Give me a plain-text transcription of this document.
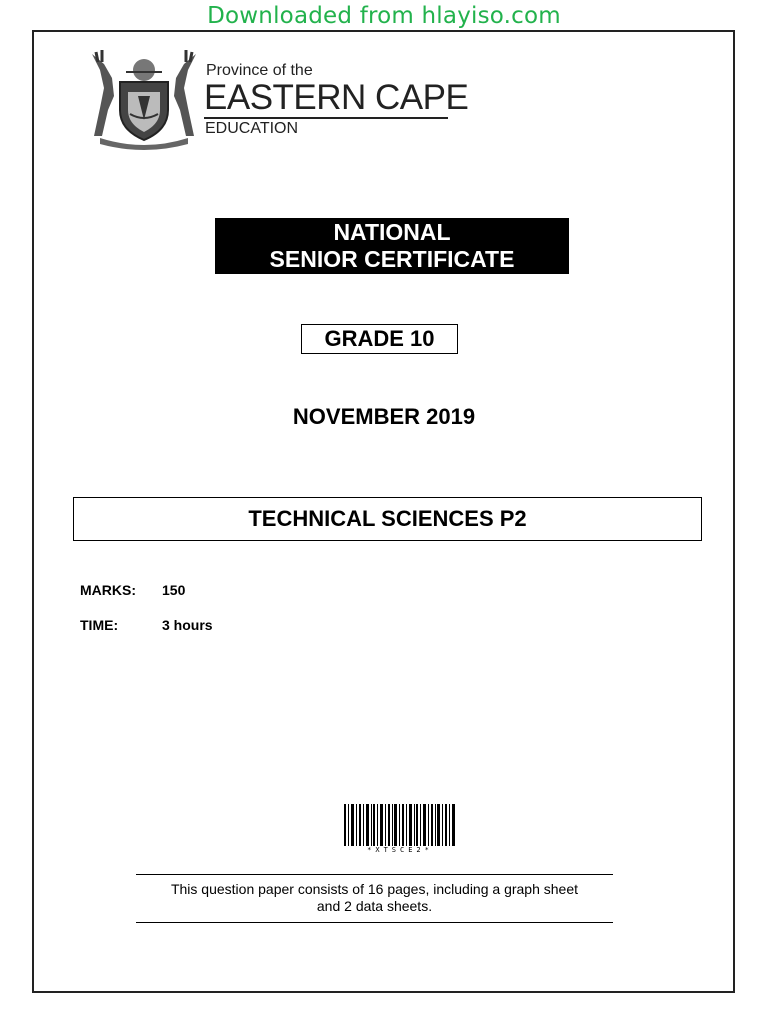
Downloaded from hlayiso.com
Province of the
EASTERN CAPE
EDUCATION
NATIONAL
SENIOR CERTIFICATE
GRADE 10
NOVEMBER 2019
TECHNICAL SCIENCES P2
MARKS: 150
TIME:	3 hours
*XTSCE2*
This question paper consists of 16 pages, including a graph sheet
and 2 data sheets.
